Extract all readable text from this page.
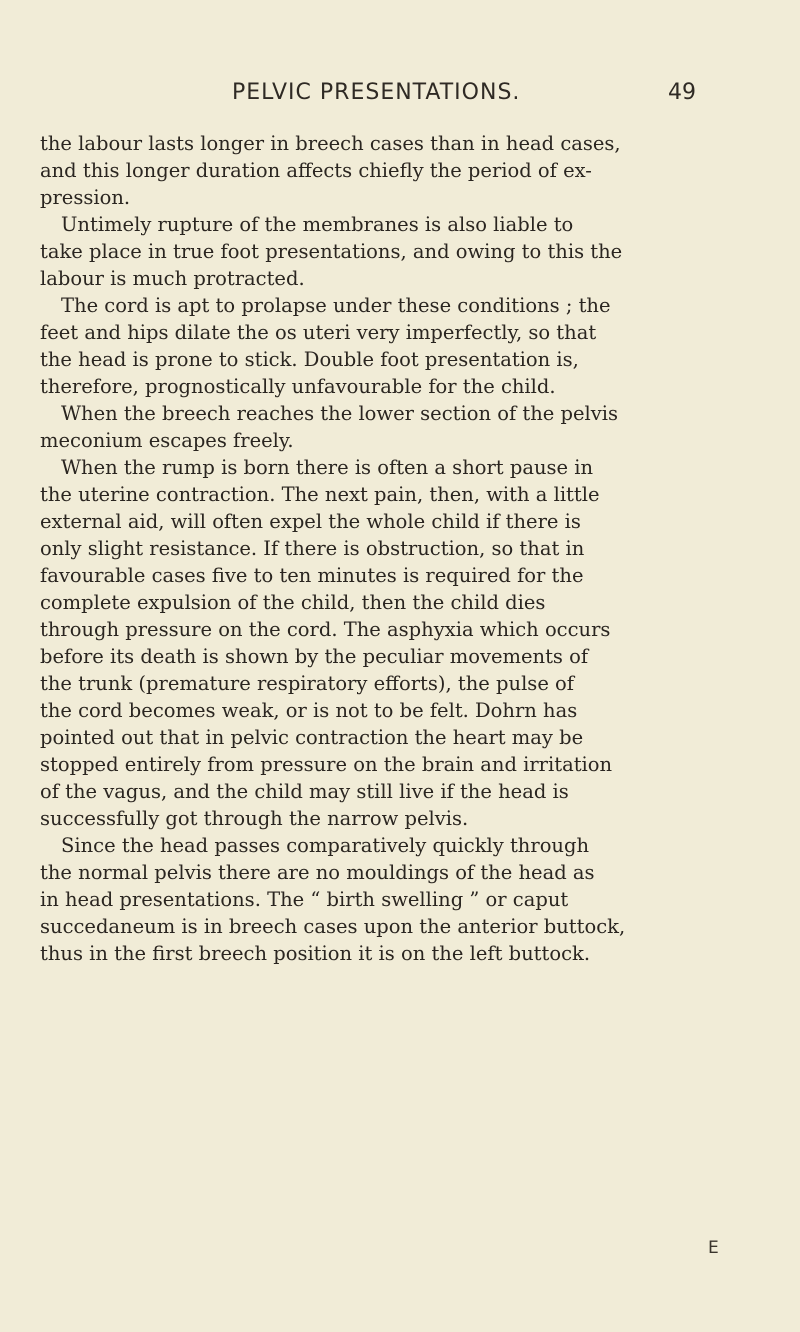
PELVIC PRESENTATIONS.	49
the labour lasts longer in breech cases than in head cases,
and this longer duration affects chiefly the period of ex-
pression.
Untimely rupture of the membranes is also liable to
take place in true foot presentations, and owing to this the
labour is much protracted.
The cord is apt to prolapse under these conditions ; the
feet and hips dilate the os uteri very imperfectly, so that
the head is prone to stick. Double foot presentation is,
therefore, prognostically unfavourable for the child.
When the breech reaches the lower section of the pelvis
meconium escapes freely.
When the rump is born there is often a short pause in
the uterine contraction. The next pain, then, with a little
external aid, will often expel the whole child if there is
only slight resistance. If there is obstruction, so that in
favourable cases five to ten minutes is required for the
complete expulsion of the child, then the child dies
through pressure on the cord. The asphyxia which occurs
before its death is shown by the peculiar movements of
the trunk (premature respiratory efforts), the pulse of
the cord becomes weak, or is not to be felt. Dohrn has
pointed out that in pelvic contraction the heart may be
stopped entirely from pressure on the brain and irritation
of the vagus, and the child may still live if the head is
successfully got through the narrow pelvis.
Since the head passes comparatively quickly through
the normal pelvis there are no mouldings of the head as
in head presentations. The “ birth swelling ” or caput
succedaneum is in breech cases upon the anterior buttock,
thus in the first breech position it is on the left buttock.
E
